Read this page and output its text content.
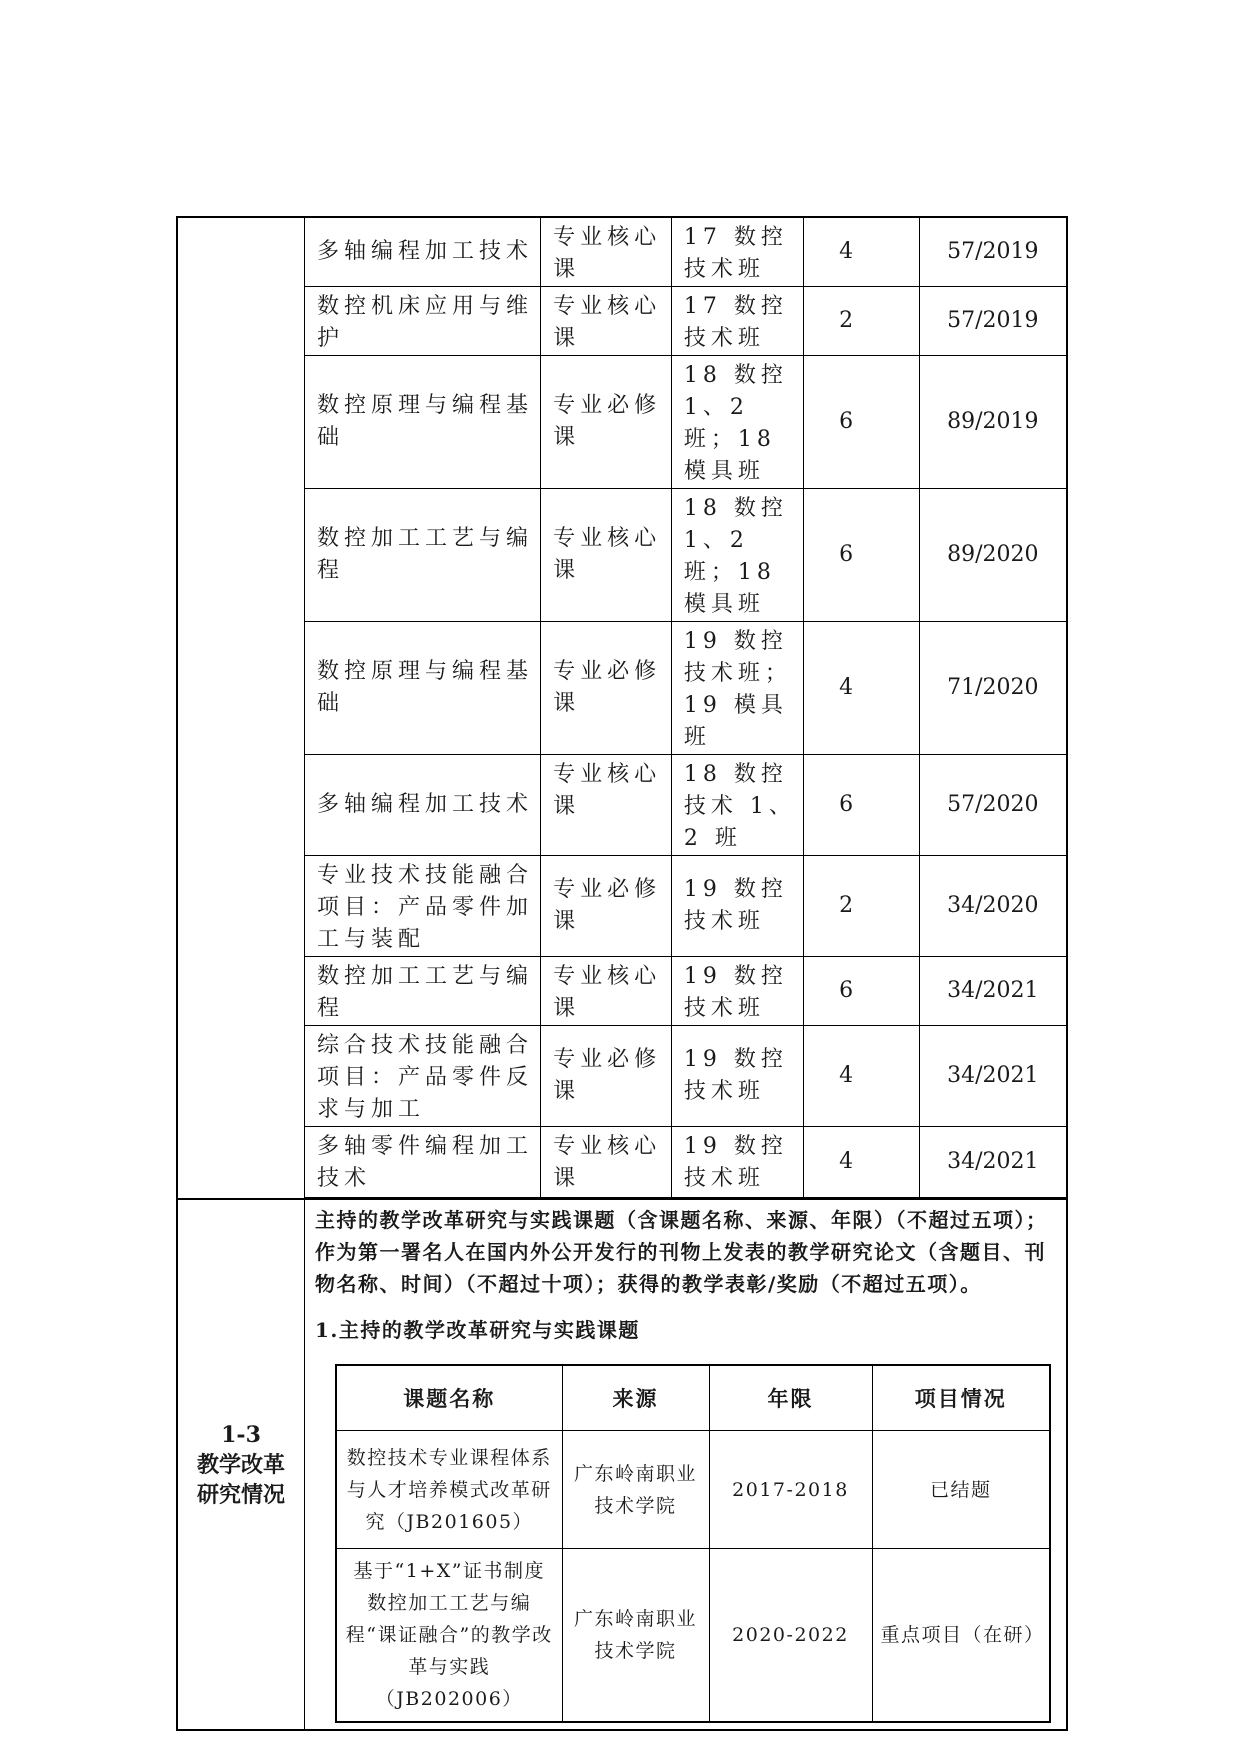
多轴编程加工技术	专业核心课	17 数控技术班	4	57/2019
数控机床应用与维护	专业核心课	17 数控技术班	2	57/2019
数控原理与编程基础	专业必修课	18 数控 1、2 班；18 模具班	6	89/2019
数控加工工艺与编程	专业核心课	18 数控 1、2 班；18 模具班	6	89/2020
数控原理与编程基础	专业必修课	19 数控技术班；19 模具班	4	71/2020
多轴编程加工技术	专业核心课	18 数控技术 1、2 班	6	57/2020
专业技术技能融合项目：产品零件加工与装配	专业必修课	19 数控技术班	2	34/2020
数控加工工艺与编程	专业核心课	19 数控技术班	6	34/2021
综合技术技能融合项目：产品零件反求与加工	专业必修课	19 数控技术班	4	34/2021
多轴零件编程加工技术	专业核心课	19 数控技术班	4	34/2021
1-3
教学改革
研究情况

主持的教学改革研究与实践课题（含课题名称、来源、年限）（不超过五项）；作为第一署名人在国内外公开发行的刊物上发表的教学研究论文（含题目、刊物名称、时间）（不超过十项）；获得的教学表彰/奖励（不超过五项）。

1.主持的教学改革研究与实践课题

课题名称	来源	年限	项目情况
数控技术专业课程体系与人才培养模式改革研究（JB201605）	广东岭南职业技术学院	2017-2018	已结题
基于“1+X”证书制度数控加工工艺与编程“课证融合”的教学改革与实践（JB202006）	广东岭南职业技术学院	2020-2022	重点项目（在研）
